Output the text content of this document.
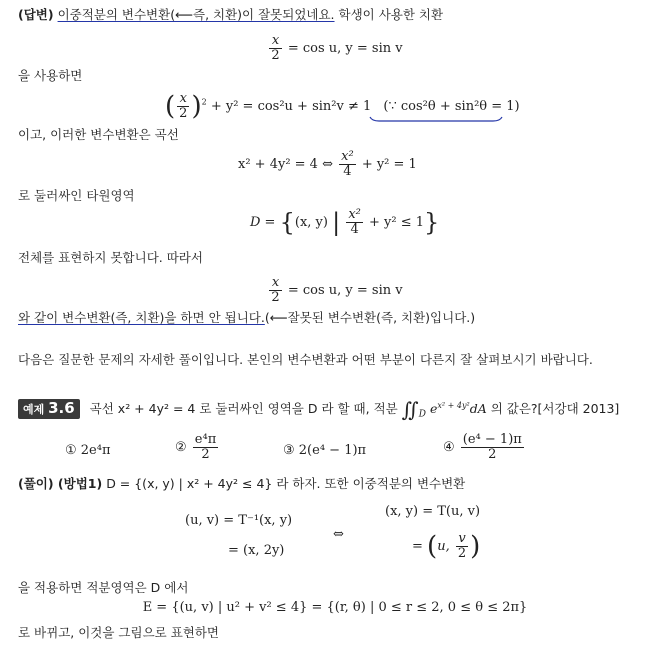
(답변) 이중적분의 변수변환(⟵즉, 치환)이 잘못되었네요. 학생이 사용한 치환
$\frac{x}{2} = \cos u$, y = sin v
을 사용하면
( $\frac{x}{2} )^2 + y^2 = \cos^2u + \sin^2v \ne 1$ (∵ cos²θ + sin²θ = 1)
이고, 이러한 변수변환은 곡선
x² + 4y² = 4 ⇔ $\frac{\text{x²}}{4} + y^2 = 1$
로 둘러싸인 타원영역
D = {(x, y) | $\frac{\text{x²}}{4} + y^2 \le 1$}
전체를 표현하지 못합니다. 따라서
$\frac{x}{2} = \cos u$, y = sin v
와 같이 변수변환(즉, 치환)을 하면 안 됩니다.(⟵잘못된 변수변환(즉, 치환)입니다.)
다음은 질문한 문제의 자세한 풀이입니다. 본인의 변수변환과 어떤 부분이 다른지 잘 살펴보시기 바랍니다.
예제 3.6 곡선 x² + 4y² = 4 로 둘러싸인 영역을 D 라 할 때, 적분 $∬_D$ $e^{x^2 + 4y^2}dA$ 의 값은?[서강대 2013]
① 2e⁴π	② $\frac{\text{e⁴π}}{2}$	③ 2(e⁴ − 1)π	④ $\frac{\text{(e⁴ − 1)π}}{2}$
(풀이) (방법1) D = {(x, y) | x² + 4y² ≤ 4} 라 하자. 또한 이중적분의 변수변환
(u, v) = T⁻¹(x, y)
= (x, 2y)
⇔
(x, y) = T(u, v)
= (u, $\frac{v}{2}$ )
을 적용하면 적분영역은 D 에서
E = {(u, v) | u² + v² ≤ 4} = {(r, θ) | 0 ≤ r ≤ 2, 0 ≤ θ ≤ 2π}
로 바뀌고, 이것을 그림으로 표현하면
